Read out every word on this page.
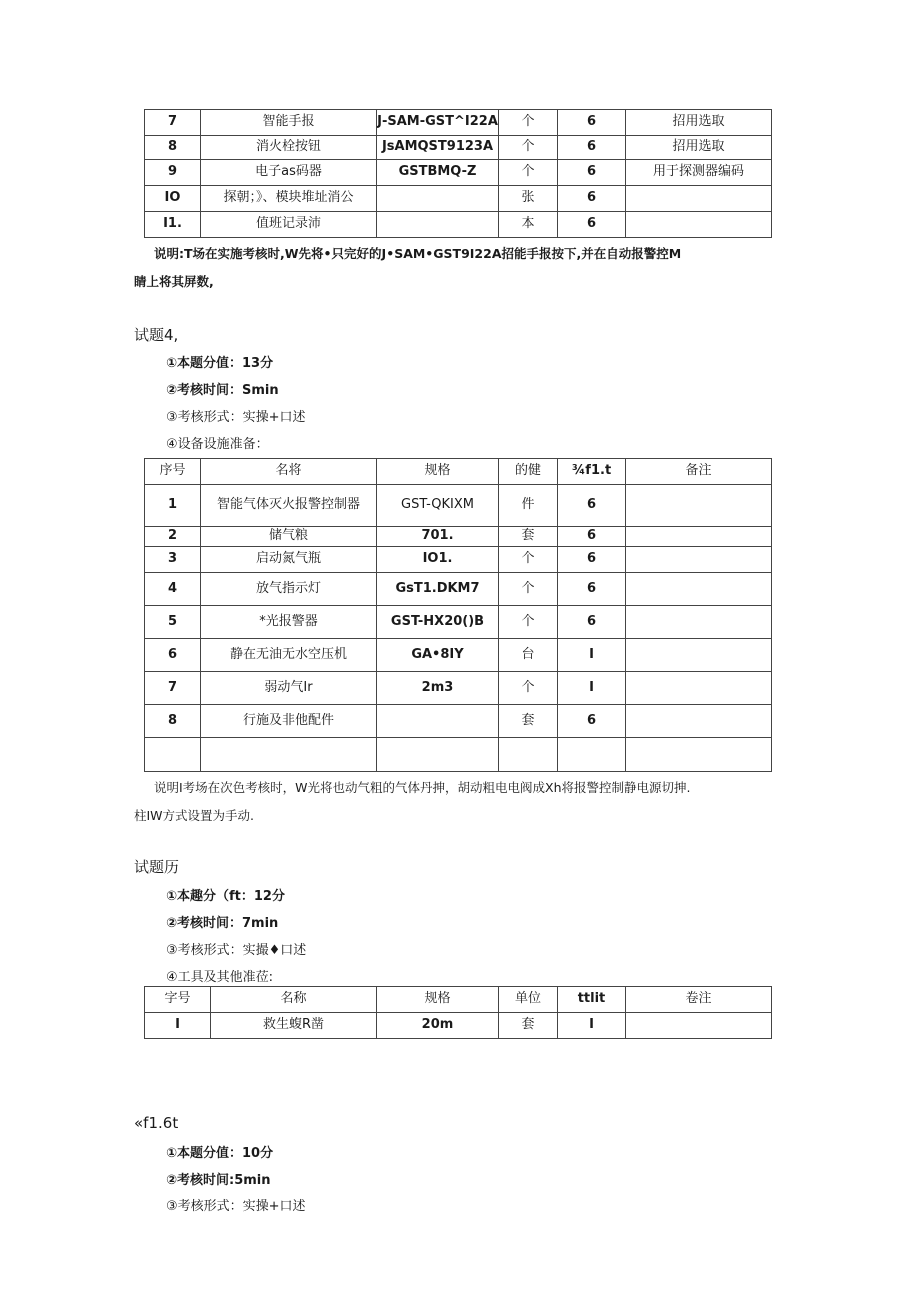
7	智能手报	J-SAM-GST^I22A	个	6	招用选取
8	消火栓按钮	JsAMQST9123A	个	6	招用选取
9	电子as码器	GSTBMQ-Z	个	6	用于探测器编码
IO	探朝；》、模块堆址消公		张	6	
I1.	值班记录沛		本	6	
说明:T场在实施考核时,W先将•只完好的J•SAM•GST9I22A招能手报按下,并在自动报警控M
睛上将其屏数,
试题4,
①本题分值：13分
②考核时间：Smin
③考核形式：实操+口述
④设备设施准备：
序号	名将	规格	的健	¾f1.t	备注
1	智能气体灭火报警控制器	GST-QKIXM	件	6	
2	储气粮	701.	套	6	
3	启动氮气瓶	IO1.	个	6	
4	放气指示灯	GsT1.DKM7	个	6	
5	*光报警器	GST-HX20()B	个	6	
6	静在无油无水空压机	GA•8IY	台	I	
7	弱动气Ir	2m3	个	I	
8	行施及非他配件		套	6	

说明I考场在次色考核时，W光将也动气粗的气体丹抻，胡动粗电电阀成Xh将报警控制静电源切抻.
柱IW方式设置为手动.
试题历
①本趣分（ft：12分
②考核时间：7min
③考核形式：实撮♦口述
④工具及其他准莅:
字号	名称	规格	单位	ttlit	卷注
I	救生蝮R凿	20m	套	I	
«f1.6t
①本题分值：10分
②考核时间:5min
③考核形式：实操+口述
